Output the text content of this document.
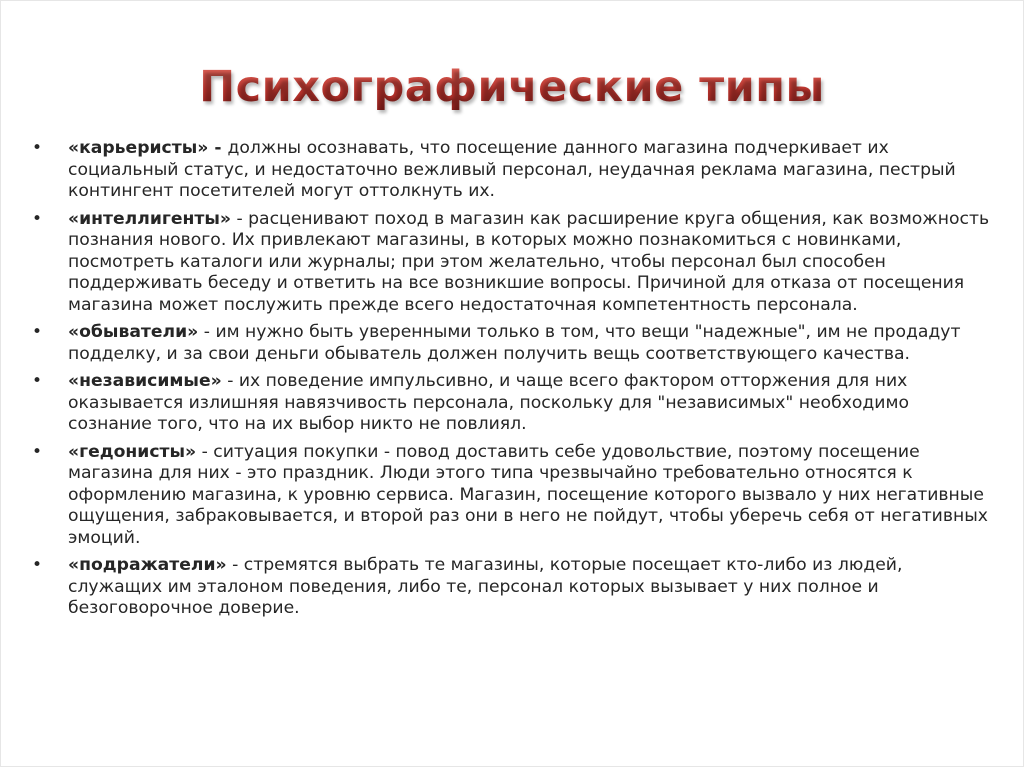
Психографические типы
• «карьеристы» - должны осознавать, что посещение данного магазина подчеркивает их социальный статус, и недостаточно вежливый персонал, неудачная реклама магазина, пестрый контингент посетителей могут оттолкнуть их.
• «интеллигенты» - расценивают поход в магазин как расширение круга общения, как возможность познания нового. Их привлекают магазины, в которых можно познакомиться с новинками, посмотреть каталоги или журналы; при этом желательно, чтобы персонал был способен поддерживать беседу и ответить на все возникшие вопросы. Причиной для отказа от посещения магазина может послужить прежде всего недостаточная компетентность персонала.
• «обыватели» - им нужно быть уверенными только в том, что вещи "надежные", им не продадут подделку, и за свои деньги обыватель должен получить вещь соответствующего качества.
• «независимые» - их поведение импульсивно, и чаще всего фактором отторжения для них оказывается излишняя навязчивость персонала, поскольку для "независимых" необходимо сознание того, что на их выбор никто не повлиял.
• «гедонисты» - ситуация покупки - повод доставить себе удовольствие, поэтому посещение магазина для них - это праздник. Люди этого типа чрезвычайно требовательно относятся к оформлению магазина, к уровню сервиса. Магазин, посещение которого вызвало у них негативные ощущения, забраковывается, и второй раз они в него не пойдут, чтобы уберечь себя от негативных эмоций.
• «подражатели» - стремятся выбрать те магазины, которые посещает кто-либо из людей, служащих им эталоном поведения, либо те, персонал которых вызывает у них полное и безоговорочное доверие.
